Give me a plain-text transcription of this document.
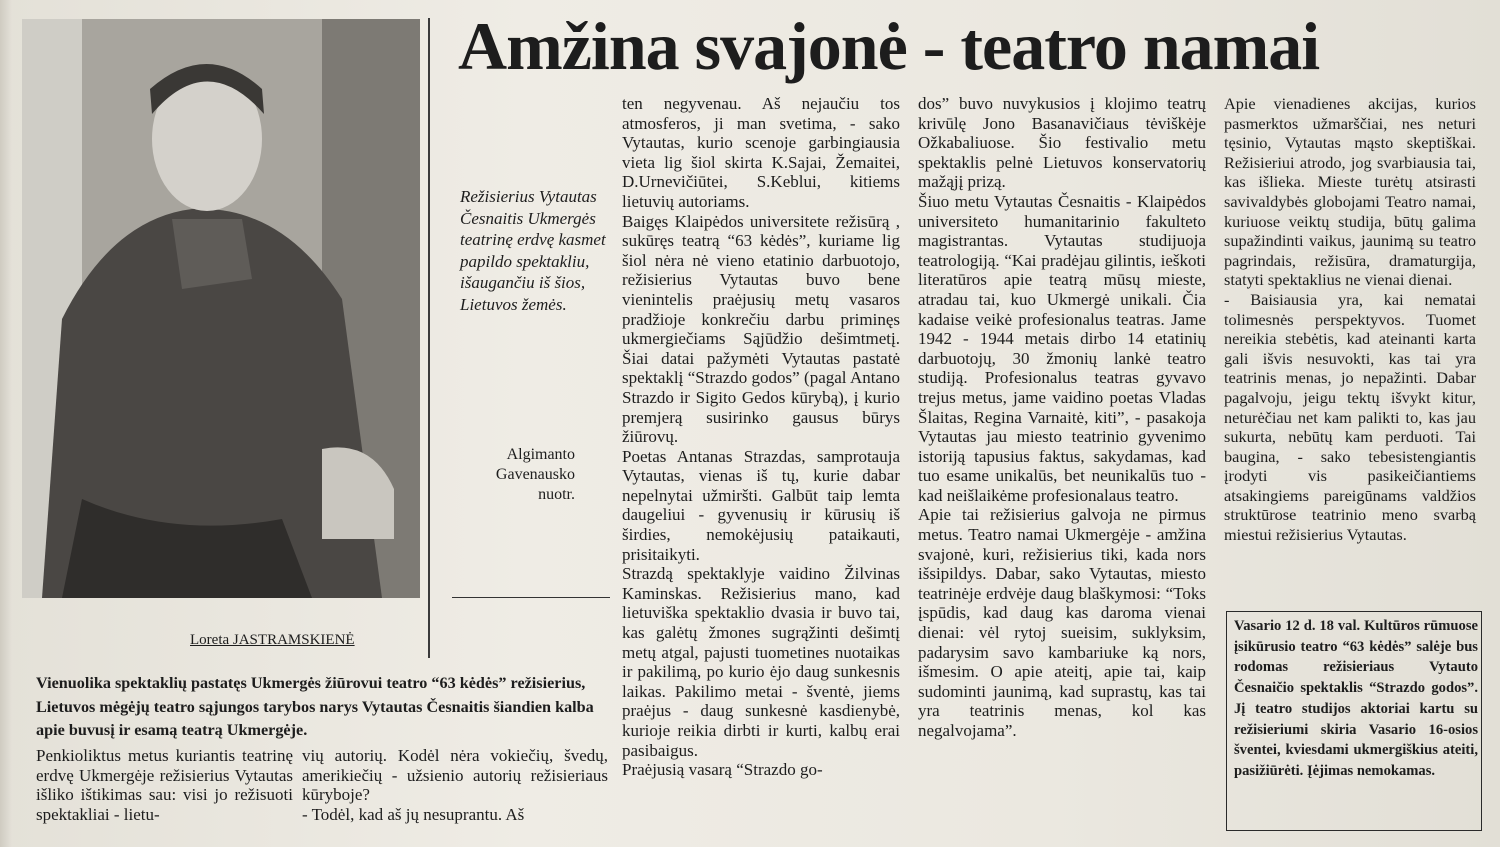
Amžina svajonė - teatro namai
Režisierius Vytautas Česnaitis Ukmergės teatrinę erdvę kasmet papildo spektakliu, išaugančiu iš šios, Lietuvos žemės.
Algimanto Gavenausko nuotr.
Loreta JASTRAMSKIENĖ
Vienuolika spektaklių pastatęs Ukmergės žiūrovui teatro “63 kėdės” režisierius, Lietuvos mėgėjų teatro sąjungos tarybos narys Vytautas Česnaitis šiandien kalba apie buvusį ir esamą teatrą Ukmergėje.
Penkioliktus metus kuriantis teatrinę erdvę Ukmergėje režisierius Vytautas išliko ištikimas sau: visi jo režisuoti spektakliai - lietu-
vių autorių. Kodėl nėra vokiečių, švedų, amerikiečių - užsienio autorių režisieriaus kūryboje?
- Todėl, kad aš jų nesuprantu. Aš
ten negyvenau. Aš nejaučiu tos atmosferos, ji man svetima, - sako Vytautas, kurio scenoje garbingiausia vieta lig šiol skirta K.Sajai, Žemaitei, D.Urnevičiūtei, S.Keblui, kitiems lietuvių autoriams.
Baigęs Klaipėdos universitete režisūrą , sukūręs teatrą “63 kėdės”, kuriame lig šiol nėra nė vieno etatinio darbuotojo, režisierius Vytautas buvo bene vienintelis praėjusių metų vasaros pradžioje konkrečiu darbu priminęs ukmergiečiams Sąjūdžio dešimtmetį. Šiai datai pažymėti Vytautas pastatė spektaklį “Strazdo godos” (pagal Antano Strazdo ir Sigito Gedos kūrybą), į kurio premjerą susirinko gausus būrys žiūrovų.
Poetas Antanas Strazdas, samprotauja Vytautas, vienas iš tų, kurie dabar nepelnytai užmiršti. Galbūt taip lemta daugeliui - gyvenusių ir kūrusių iš širdies, nemokėjusių pataikauti, prisitaikyti.
Strazdą spektaklyje vaidino Žilvinas Kaminskas. Režisierius mano, kad lietuviška spektaklio dvasia ir buvo tai, kas galėtų žmones sugrąžinti dešimtį metų atgal, pajusti tuometines nuotaikas ir pakilimą, po kurio ėjo daug sunkesnis laikas. Pakilimo metai - šventė, jiems praėjus - daug sunkesnė kasdienybė, kurioje reikia dirbti ir kurti, kalbų erai pasibaigus.
Praėjusią vasarą “Strazdo go-
dos” buvo nuvykusios į klojimo teatrų krivūlę Jono Basanavičiaus tėviškėje Ožkabaliuose. Šio festivalio metu spektaklis pelnė Lietuvos konservatorių mažąjį prizą.
Šiuo metu Vytautas Česnaitis - Klaipėdos universiteto humanitarinio fakulteto magistrantas. Vytautas studijuoja teatrologiją. “Kai pradėjau gilintis, ieškoti literatūros apie teatrą mūsų mieste, atradau tai, kuo Ukmergė unikali. Čia kadaise veikė profesionalus teatras. Jame 1942 - 1944 metais dirbo 14 etatinių darbuotojų, 30 žmonių lankė teatro studiją. Profesionalus teatras gyvavo trejus metus, jame vaidino poetas Vladas Šlaitas, Regina Varnaitė, kiti”, - pasakoja Vytautas jau miesto teatrinio gyvenimo istoriją tapusius faktus, sakydamas, kad tuo esame unikalūs, bet neunikalūs tuo - kad neišlaikėme profesionalaus teatro.
Apie tai režisierius galvoja ne pirmus metus. Teatro namai Ukmergėje - amžina svajonė, kuri, režisierius tiki, kada nors išsipildys. Dabar, sako Vytautas, miesto teatrinėje erdvėje daug blaškymosi: “Toks įspūdis, kad daug kas daroma vienai dienai: vėl rytoj sueisim, suklyksim, padarysim savo kambariuke ką nors, išmesim. O apie ateitį, apie tai, kaip sudominti jaunimą, kad suprastų, kas tai yra teatrinis menas, kol kas negalvojama”.
Apie vienadienes akcijas, kurios pasmerktos užmarščiai, nes neturi tęsinio, Vytautas mąsto skeptiškai. Režisieriui atrodo, jog svarbiausia tai, kas išlieka. Mieste turėtų atsirasti savivaldybės globojami Teatro namai, kuriuose veiktų studija, būtų galima supažindinti vaikus, jaunimą su teatro pagrindais, režisūra, dramaturgija, statyti spektaklius ne vienai dienai.
- Baisiausia yra, kai nematai tolimesnės perspektyvos. Tuomet nereikia stebėtis, kad ateinanti karta gali išvis nesuvokti, kas tai yra teatrinis menas, jo nepažinti. Dabar pagalvoju, jeigu tektų išvykt kitur, neturėčiau net kam palikti to, kas jau sukurta, nebūtų kam perduoti. Tai baugina, - sako tebesistengiantis įrodyti vis pasikeičiantiems atsakingiems pareigūnams valdžios struktūrose teatrinio meno svarbą miestui režisierius Vytautas.
Vasario 12 d. 18 val. Kultūros rūmuose įsikūrusio teatro “63 kėdės” salėje bus rodomas režisieriaus Vytauto Česnaičio spektaklis “Strazdo godos”. Jį teatro studijos aktoriai kartu su režisieriumi skiria Vasario 16-osios šventei, kviesdami ukmergiškius ateiti, pasižiūrėti. Įėjimas nemokamas.
